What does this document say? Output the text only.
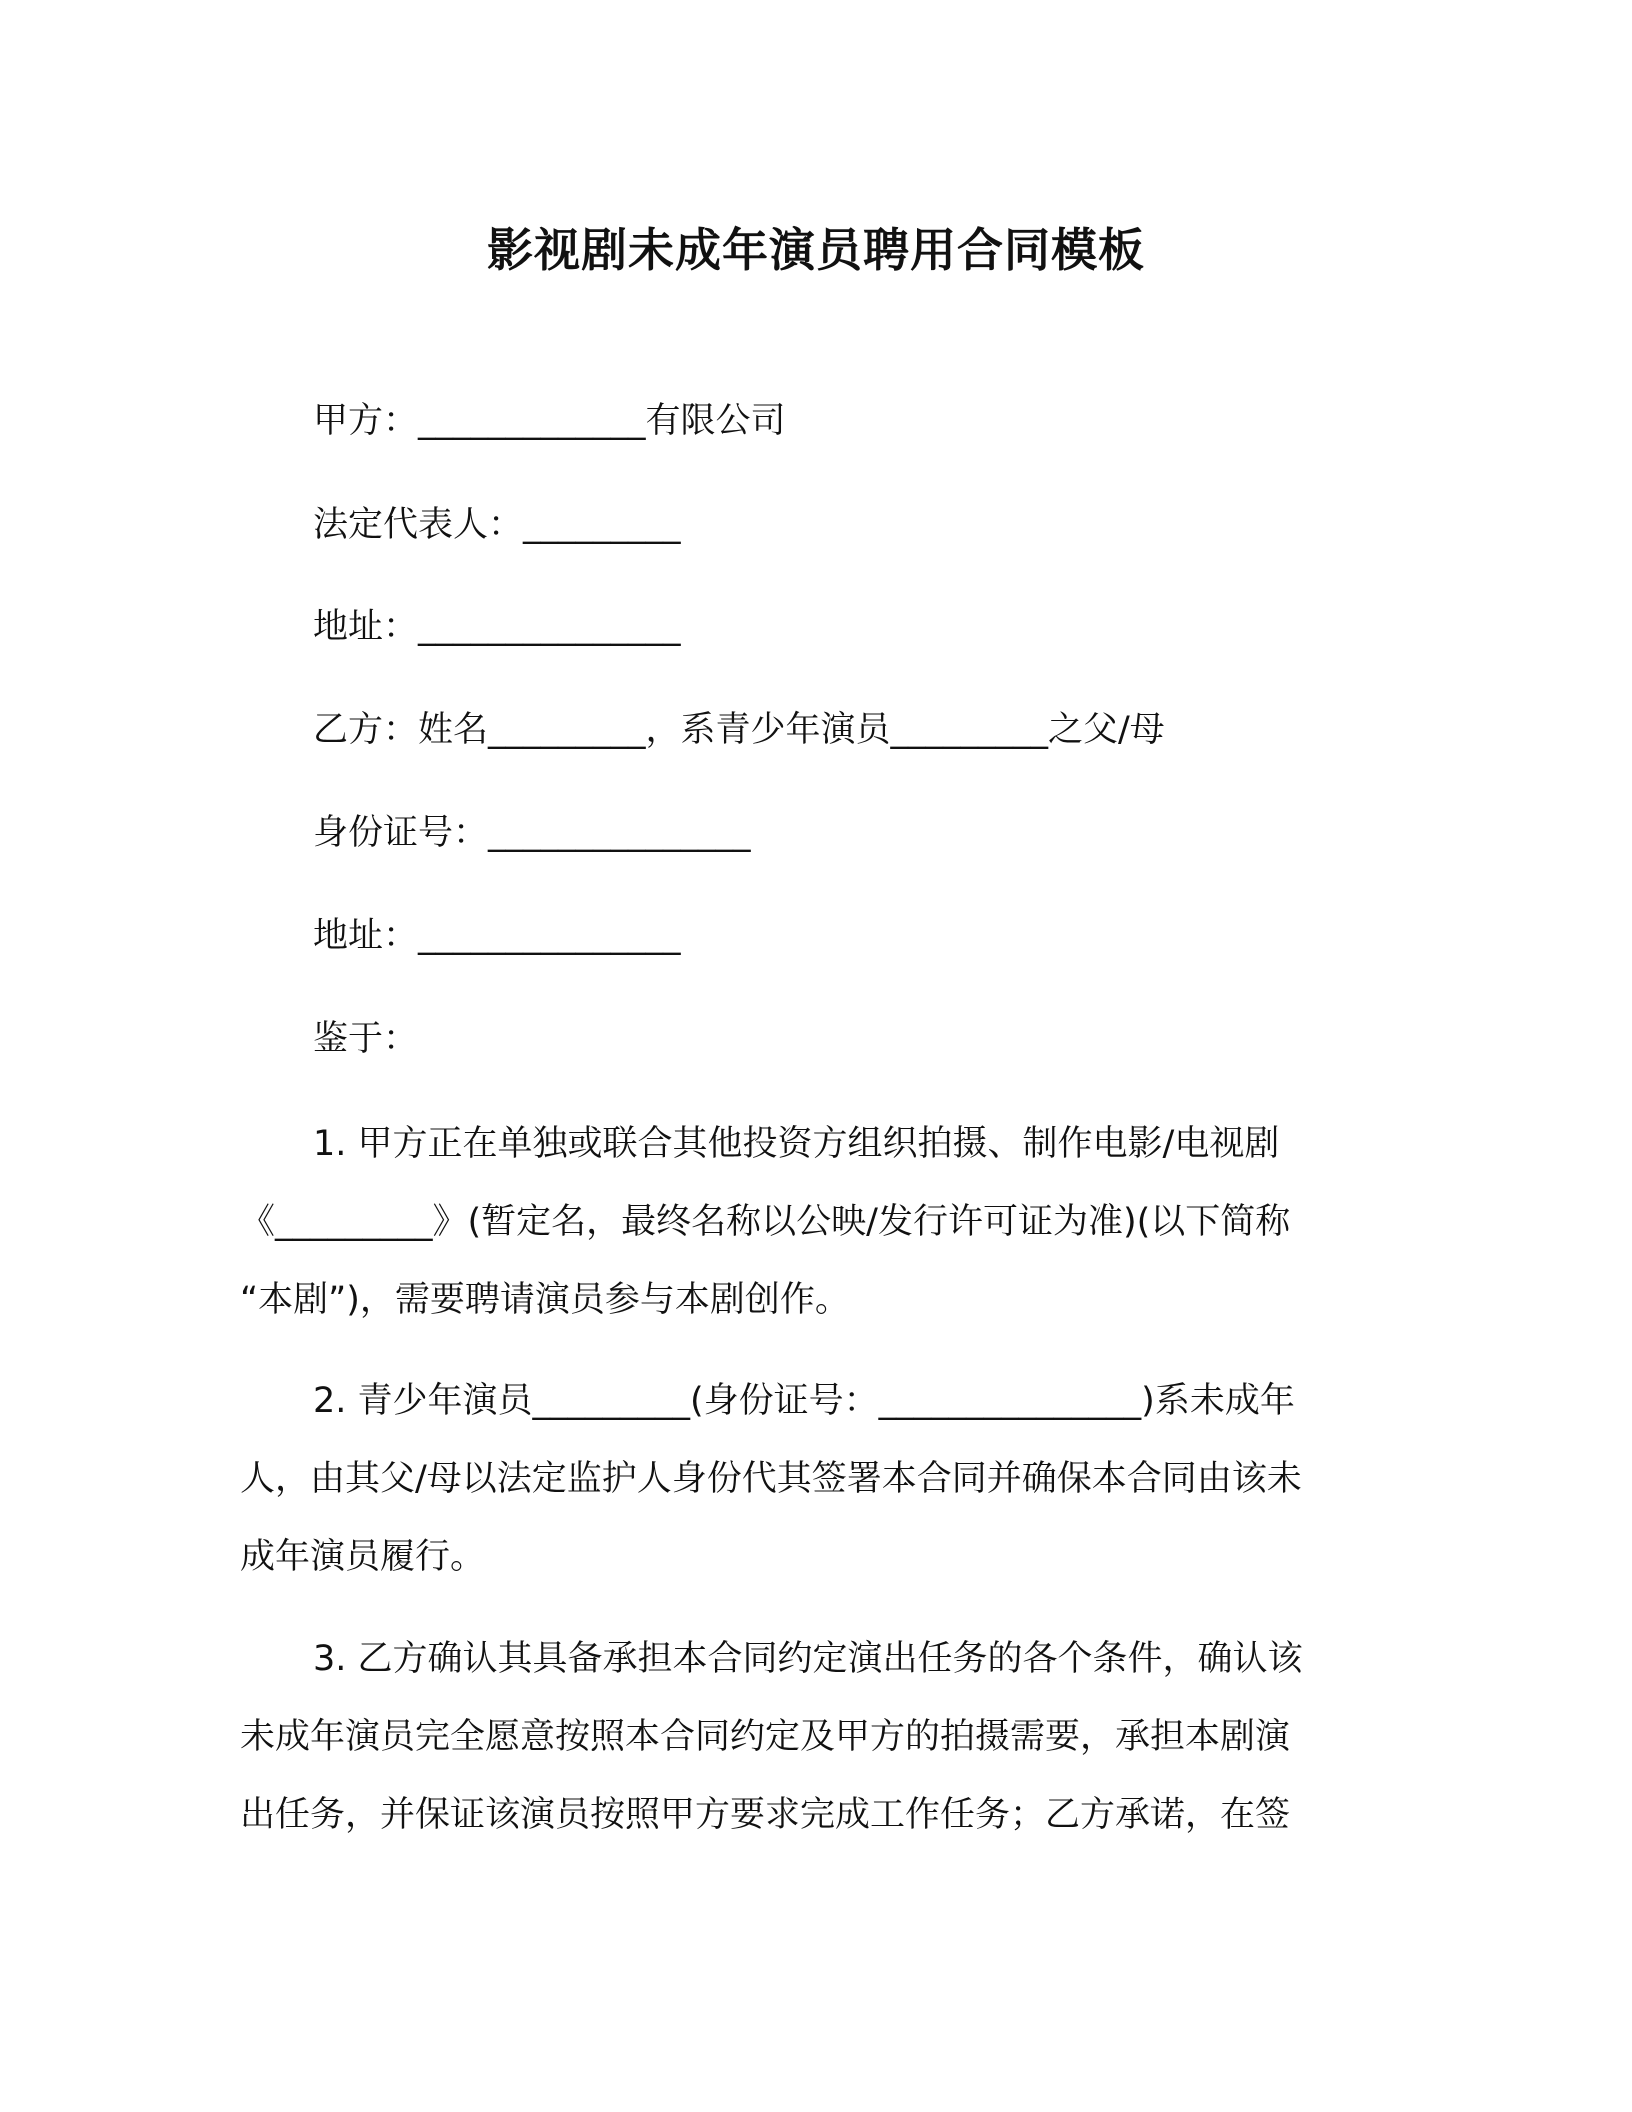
影视剧未成年演员聘用合同模板

甲方：_____________有限公司

法定代表人：_________

地址：_______________

乙方：姓名_________，系青少年演员_________之父/母

身份证号：_______________

地址：_______________

鉴于：

1. 甲方正在单独或联合其他投资方组织拍摄、制作电影/电视剧
《_________》(暂定名，最终名称以公映/发行许可证为准)(以下简称
“本剧”)，需要聘请演员参与本剧创作。
2. 青少年演员_________(身份证号：_______________)系未成年
人，由其父/母以法定监护人身份代其签署本合同并确保本合同由该未
成年演员履行。
3. 乙方确认其具备承担本合同约定演出任务的各个条件，确认该
未成年演员完全愿意按照本合同约定及甲方的拍摄需要，承担本剧演
出任务，并保证该演员按照甲方要求完成工作任务；乙方承诺，在签
